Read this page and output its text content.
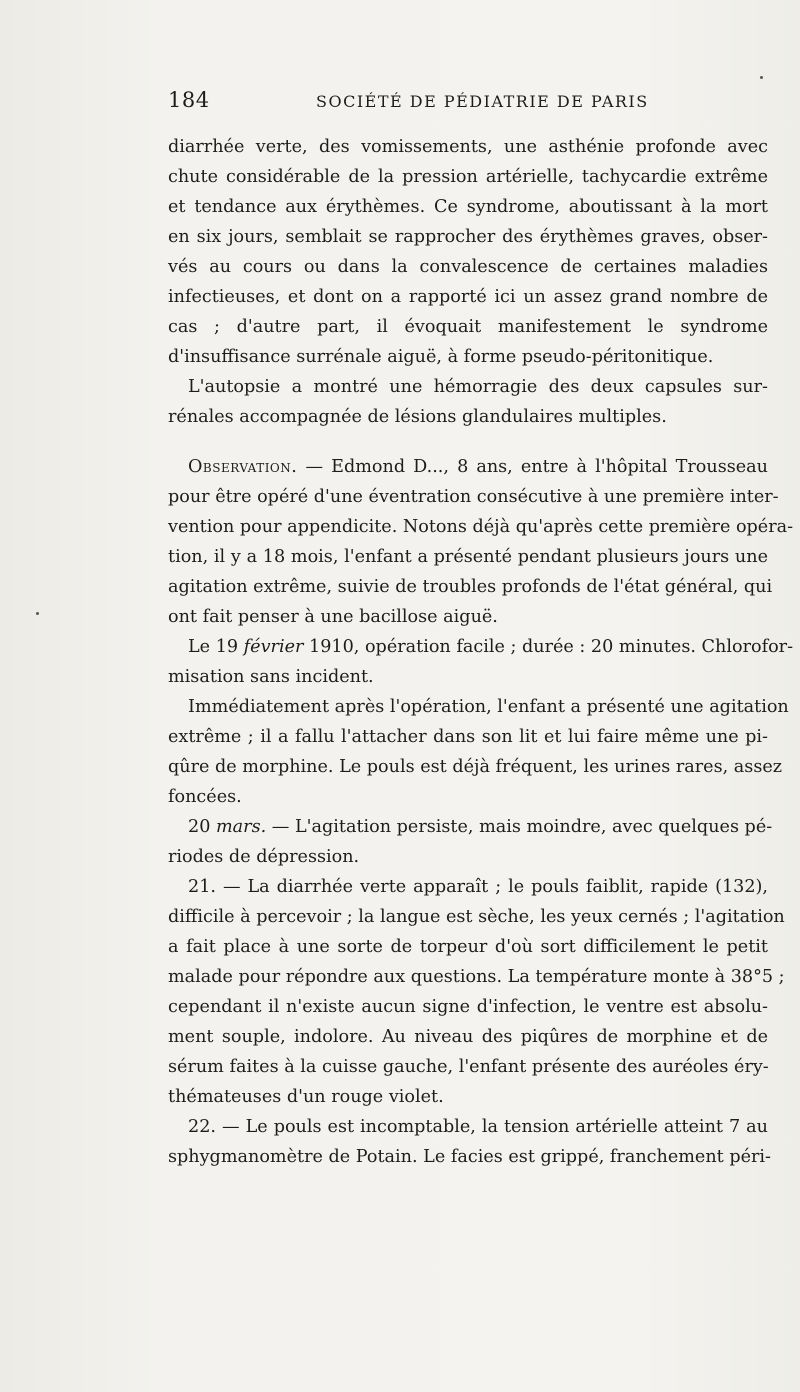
184	SOCIÉTÉ DE PÉDIATRIE DE PARIS
diarrhée verte, des vomissements, une asthénie profonde avec
chute considérable de la pression artérielle, tachycardie extrême
et tendance aux érythèmes. Ce syndrome, aboutissant à la mort
en six jours, semblait se rapprocher des érythèmes graves, obser-
vés au cours ou dans la convalescence de certaines maladies
infectieuses, et dont on a rapporté ici un assez grand nombre de
cas ; d'autre part, il évoquait manifestement le syndrome
d'insuffisance surrénale aiguë, à forme pseudo-péritonitique.
L'autopsie a montré une hémorragie des deux capsules sur-
rénales accompagnée de lésions glandulaires multiples.
Observation. — Edmond D..., 8 ans, entre à l'hôpital Trousseau
pour être opéré d'une éventration consécutive à une première inter-
vention pour appendicite. Notons déjà qu'après cette première opéra-
tion, il y a 18 mois, l'enfant a présenté pendant plusieurs jours une
agitation extrême, suivie de troubles profonds de l'état général, qui
ont fait penser à une bacillose aiguë.
Le 19 février 1910, opération facile ; durée : 20 minutes. Chlorofor-
misation sans incident.
Immédiatement après l'opération, l'enfant a présenté une agitation
extrême ; il a fallu l'attacher dans son lit et lui faire même une pi-
qûre de morphine. Le pouls est déjà fréquent, les urines rares, assez
foncées.
20 mars. — L'agitation persiste, mais moindre, avec quelques pé-
riodes de dépression.
21. — La diarrhée verte apparaît ; le pouls faiblit, rapide (132),
difficile à percevoir ; la langue est sèche, les yeux cernés ; l'agitation
a fait place à une sorte de torpeur d'où sort difficilement le petit
malade pour répondre aux questions. La température monte à 38°5 ;
cependant il n'existe aucun signe d'infection, le ventre est absolu-
ment souple, indolore. Au niveau des piqûres de morphine et de
sérum faites à la cuisse gauche, l'enfant présente des auréoles éry-
thémateuses d'un rouge violet.
22. — Le pouls est incomptable, la tension artérielle atteint 7 au
sphygmanomètre de Potain. Le facies est grippé, franchement péri-
